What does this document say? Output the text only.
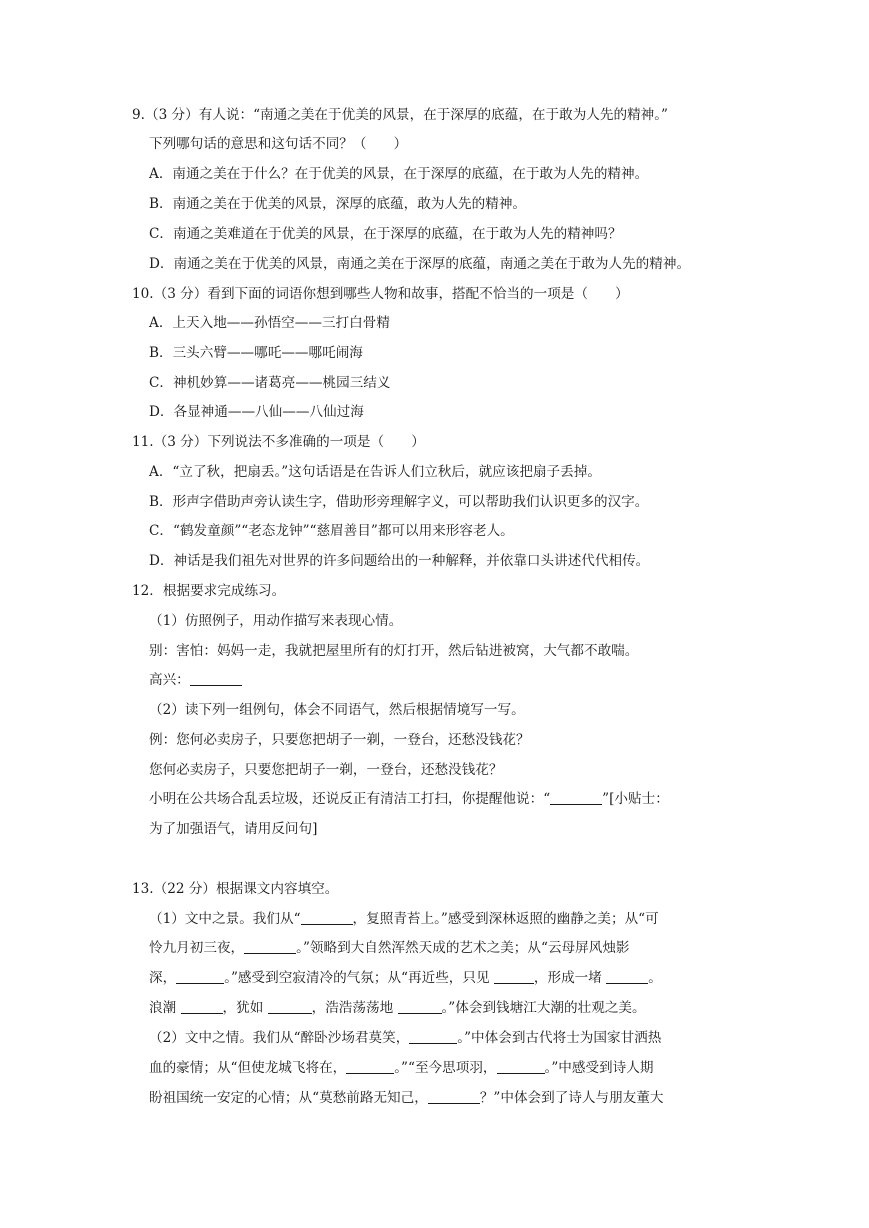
9.（3 分）有人说：“南通之美在于优美的风景，在于深厚的底蕴，在于敢为人先的精神。”
下列哪句话的意思和这句话不同？（　　）
A．南通之美在于什么？在于优美的风景，在于深厚的底蕴，在于敢为人先的精神。
B．南通之美在于优美的风景，深厚的底蕴，敢为人先的精神。
C．南通之美难道在于优美的风景，在于深厚的底蕴，在于敢为人先的精神吗？
D．南通之美在于优美的风景，南通之美在于深厚的底蕴，南通之美在于敢为人先的精神。
10.（3 分）看到下面的词语你想到哪些人物和故事，搭配不恰当的一项是（　　）
A．上天入地——孙悟空——三打白骨精
B．三头六臂——哪吒——哪吒闹海
C．神机妙算——诸葛亮——桃园三结义
D．各显神通——八仙——八仙过海
11.（3 分）下列说法不多准确的一项是（　　）
A．“立了秋，把扇丢。”这句话语是在告诉人们立秋后，就应该把扇子丢掉。
B．形声字借助声旁认读生字，借助形旁理解字义，可以帮助我们认识更多的汉字。
C．“鹤发童颜”“老态龙钟”“慈眉善目”都可以用来形容老人。
D．神话是我们祖先对世界的许多问题给出的一种解释，并依靠口头讲述代代相传。
12．根据要求完成练习。
（1）仿照例子，用动作描写来表现心情。
别：害怕：妈妈一走，我就把屋里所有的灯打开，然后钻进被窝，大气都不敢喘。
高兴：
（2）读下列一组例句，体会不同语气，然后根据情境写一写。
例：您何必卖房子，只要您把胡子一剃，一登台，还愁没钱花？
您何必卖房子，只要您把胡子一剃，一登台，还愁没钱花？
小明在公共场合乱丢垃圾，还说反正有清洁工打扫，你提醒他说：“	”[小贴士：
为了加强语气，请用反问句]
13.（22 分）根据课文内容填空。
（1）文中之景。我们从“	，复照青苔上。”感受到深林返照的幽静之美；从“可
怜九月初三夜，	。”领略到大自然浑然天成的艺术之美；从“云母屏风烛影
深，	。”感受到空寂清冷的气氛；从“再近些，只见	，形成一堵	。
浪潮	，犹如	，浩浩荡荡地	。”体会到钱塘江大潮的壮观之美。
（2）文中之情。我们从“醉卧沙场君莫笑，	。”中体会到古代将士为国家甘洒热
血的豪情；从“但使龙城飞将在，	。”“至今思项羽，	。”中感受到诗人期
盼祖国统一安定的心情；从“莫愁前路无知己，	？”中体会到了诗人与朋友董大
